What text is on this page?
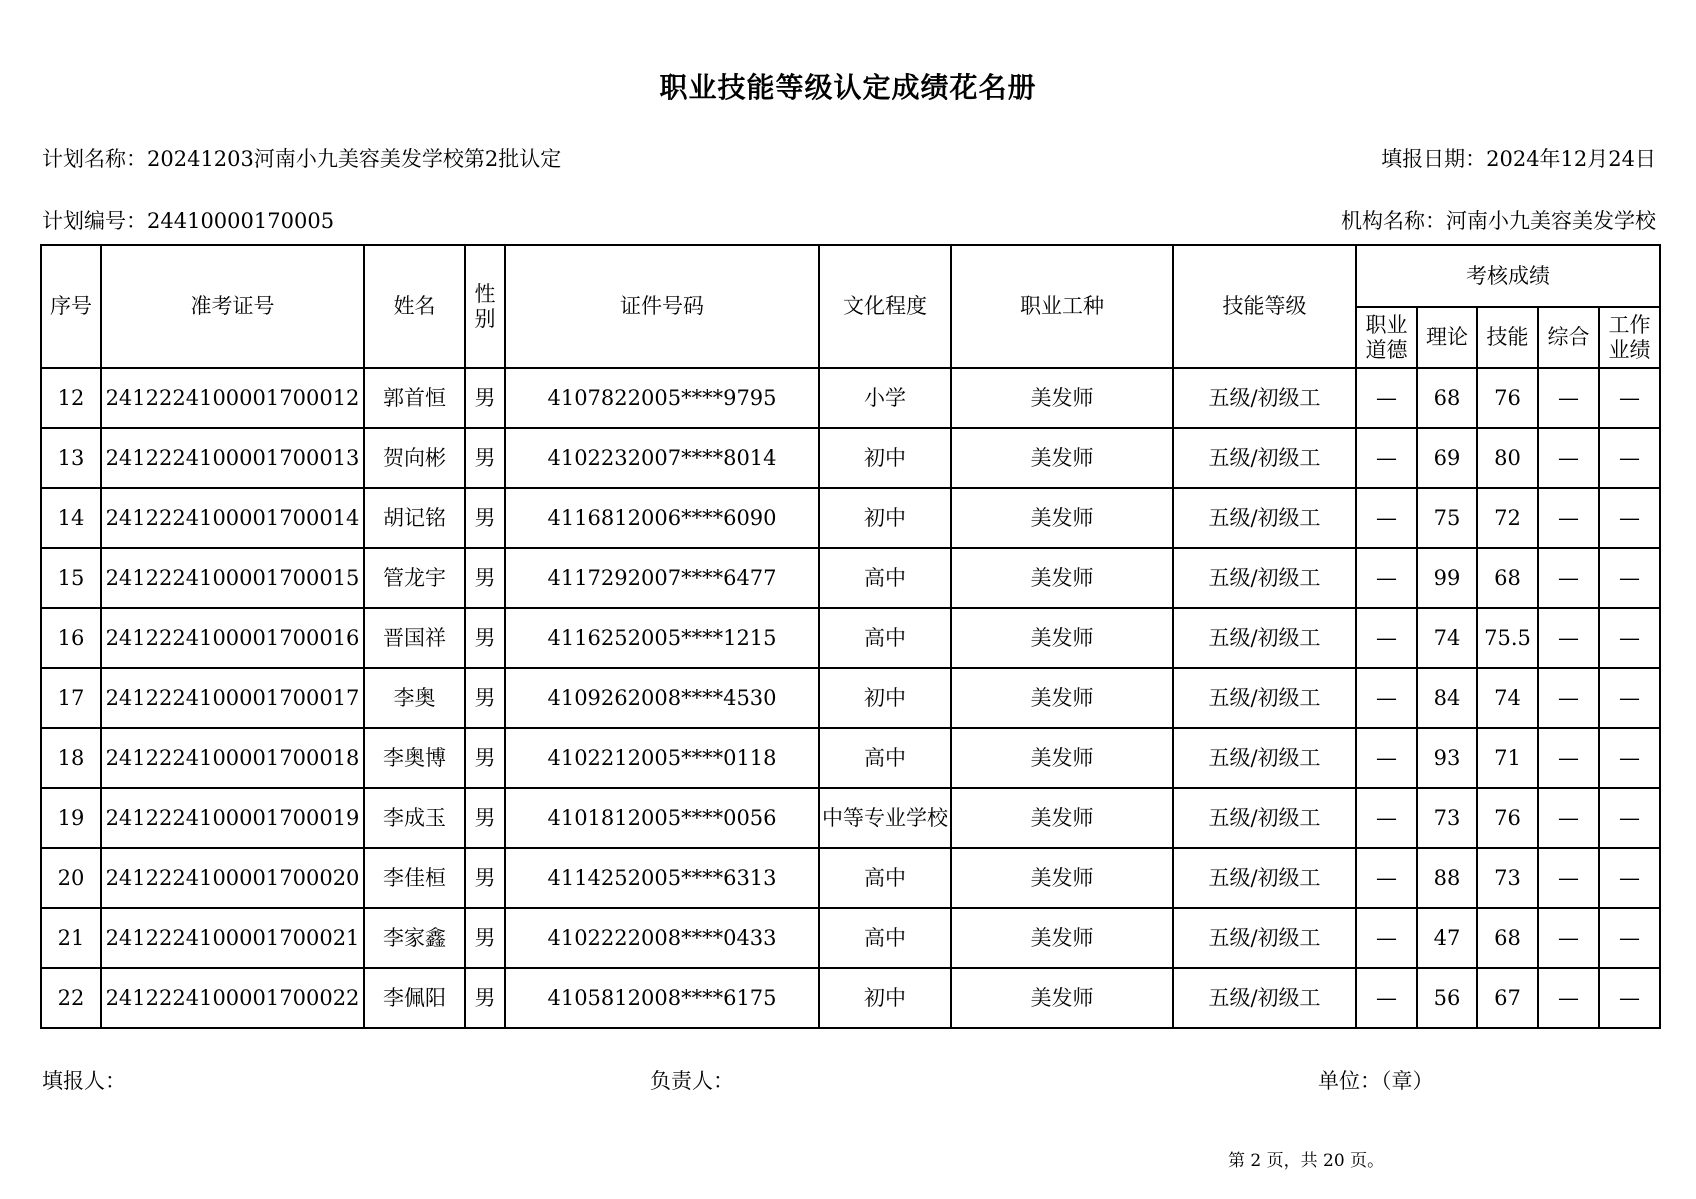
职业技能等级认定成绩花名册
计划名称：20241203河南小九美容美发学校第2批认定	填报日期：2024年12月24日
计划编号：24410000170005	机构名称：河南小九美容美发学校
序号	准考证号	姓名	性别	证件号码	文化程度	职业工种	技能等级	考核成绩				
								职业道德	理论	技能	综合	工作业绩
12	2412224100001700012	郭首恒	男	4107822005****9795	小学	美发师	五级/初级工	—	68	76	—	—
13	2412224100001700013	贺向彬	男	4102232007****8014	初中	美发师	五级/初级工	—	69	80	—	—
14	2412224100001700014	胡记铭	男	4116812006****6090	初中	美发师	五级/初级工	—	75	72	—	—
15	2412224100001700015	管龙宇	男	4117292007****6477	高中	美发师	五级/初级工	—	99	68	—	—
16	2412224100001700016	晋国祥	男	4116252005****1215	高中	美发师	五级/初级工	—	74	75.5	—	—
17	2412224100001700017	李奥	男	4109262008****4530	初中	美发师	五级/初级工	—	84	74	—	—
18	2412224100001700018	李奥博	男	4102212005****0118	高中	美发师	五级/初级工	—	93	71	—	—
19	2412224100001700019	李成玉	男	4101812005****0056	中等专业学校	美发师	五级/初级工	—	73	76	—	—
20	2412224100001700020	李佳桓	男	4114252005****6313	高中	美发师	五级/初级工	—	88	73	—	—
21	2412224100001700021	李家鑫	男	4102222008****0433	高中	美发师	五级/初级工	—	47	68	—	—
22	2412224100001700022	李佩阳	男	4105812008****6175	初中	美发师	五级/初级工	—	56	67	—	—
填报人：	负责人：	单位：（章）
第 2 页，共 20 页。
